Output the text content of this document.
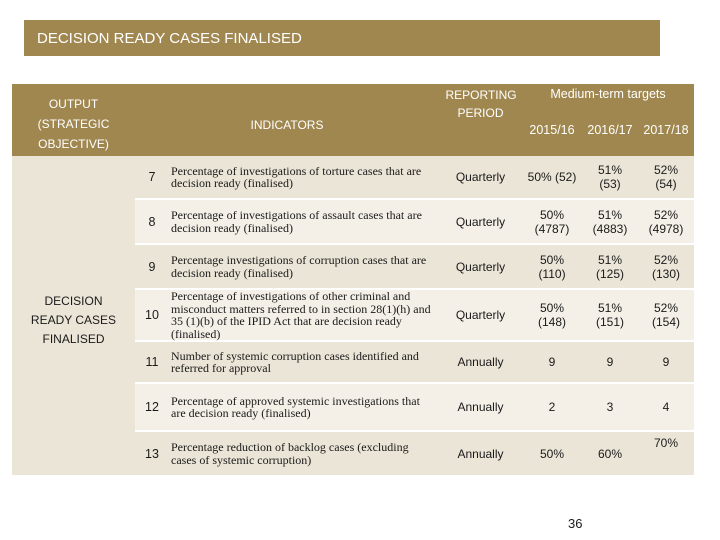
DECISION READY CASES FINALISED
OUTPUT (STRATEGIC OBJECTIVE)	INDICATORS		REPORTING PERIOD	Medium-term targets		
				2015/16	2016/17	2017/18

DECISION READY CASES FINALISED	7	Percentage of investigations of torture cases that are decision ready (finalised)	Quarterly	50% (52)	51% (53)	52% (54)

	8	Percentage of investigations of assault cases that are decision ready (finalised)	Quarterly	50% (4787)	51% (4883)	52% (4978)

	9	Percentage investigations of corruption cases that are decision ready (finalised)	Quarterly	50% (110)	51% (125)	52% (130)

	10	Percentage of investigations of other criminal and misconduct matters referred to in section 28(1)(h) and 35 (1)(b) of the IPID Act that are decision ready (finalised)	Quarterly	50% (148)	51% (151)	52% (154)

	11	Number of systemic corruption cases identified and referred for approval	Annually	9	9	9
	12	Percentage of approved systemic investigations that are decision ready (finalised)	Annually	2	3	4
	13	Percentage reduction of backlog cases (excluding cases of systemic corruption)	Annually	50%	60%	70%
36
